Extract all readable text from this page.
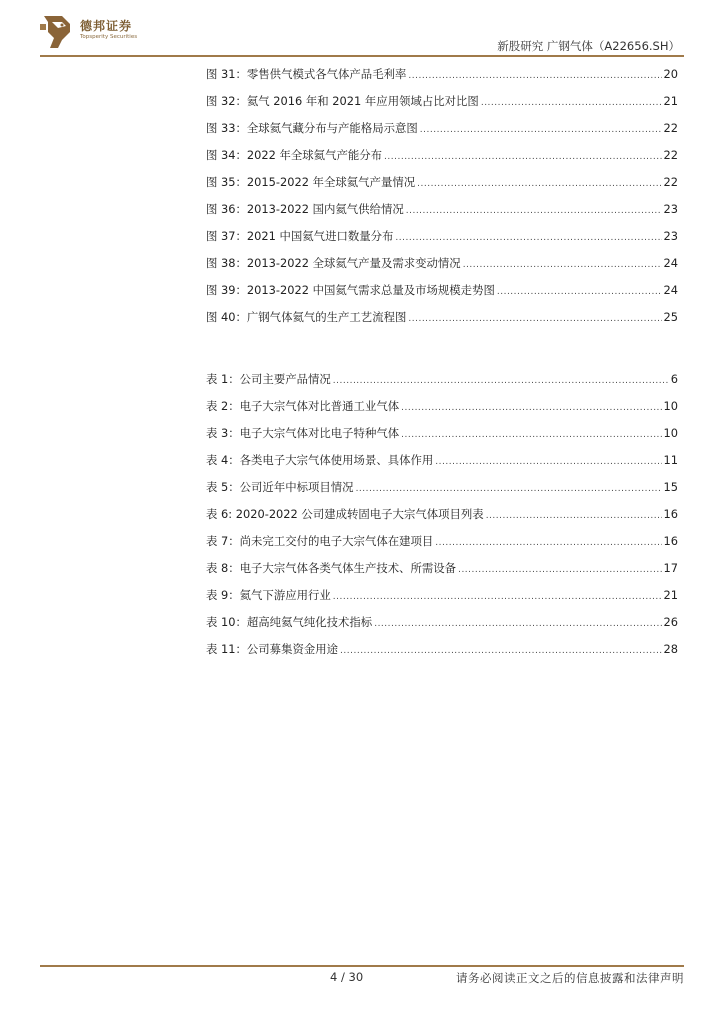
德邦证券
Topsperity Securities
新股研究 广钢气体（A22656.SH）
图 31：零售供气模式各气体产品毛利率 .....	20
图 32：氦气 2016 年和 2021 年应用领域占比对比图 .....	21
图 33：全球氦气藏分布与产能格局示意图 .....	22
图 34：2022 年全球氦气产能分布 .....	22
图 35：2015-2022 年全球氦气产量情况 .....	22
图 36：2013-2022 国内氦气供给情况 .....	23
图 37：2021 中国氦气进口数量分布 .....	23
图 38：2013-2022 全球氦气产量及需求变动情况 .....	24
图 39：2013-2022 中国氦气需求总量及市场规模走势图 .....	24
图 40：广钢气体氦气的生产工艺流程图 .....	25
表 1：公司主要产品情况 .....	6
表 2：电子大宗气体对比普通工业气体 .....	10
表 3：电子大宗气体对比电子特种气体 .....	10
表 4：各类电子大宗气体使用场景、具体作用 .....	11
表 5：公司近年中标项目情况 .....	15
表 6: 2020-2022 公司建成转固电子大宗气体项目列表 .....	16
表 7：尚未完工交付的电子大宗气体在建项目 .....	16
表 8：电子大宗气体各类气体生产技术、所需设备 .....	17
表 9：氦气下游应用行业 .....	21
表 10：超高纯氦气纯化技术指标 .....	26
表 11：公司募集资金用途 .....	28
4 / 30	请务必阅读正文之后的信息披露和法律声明
